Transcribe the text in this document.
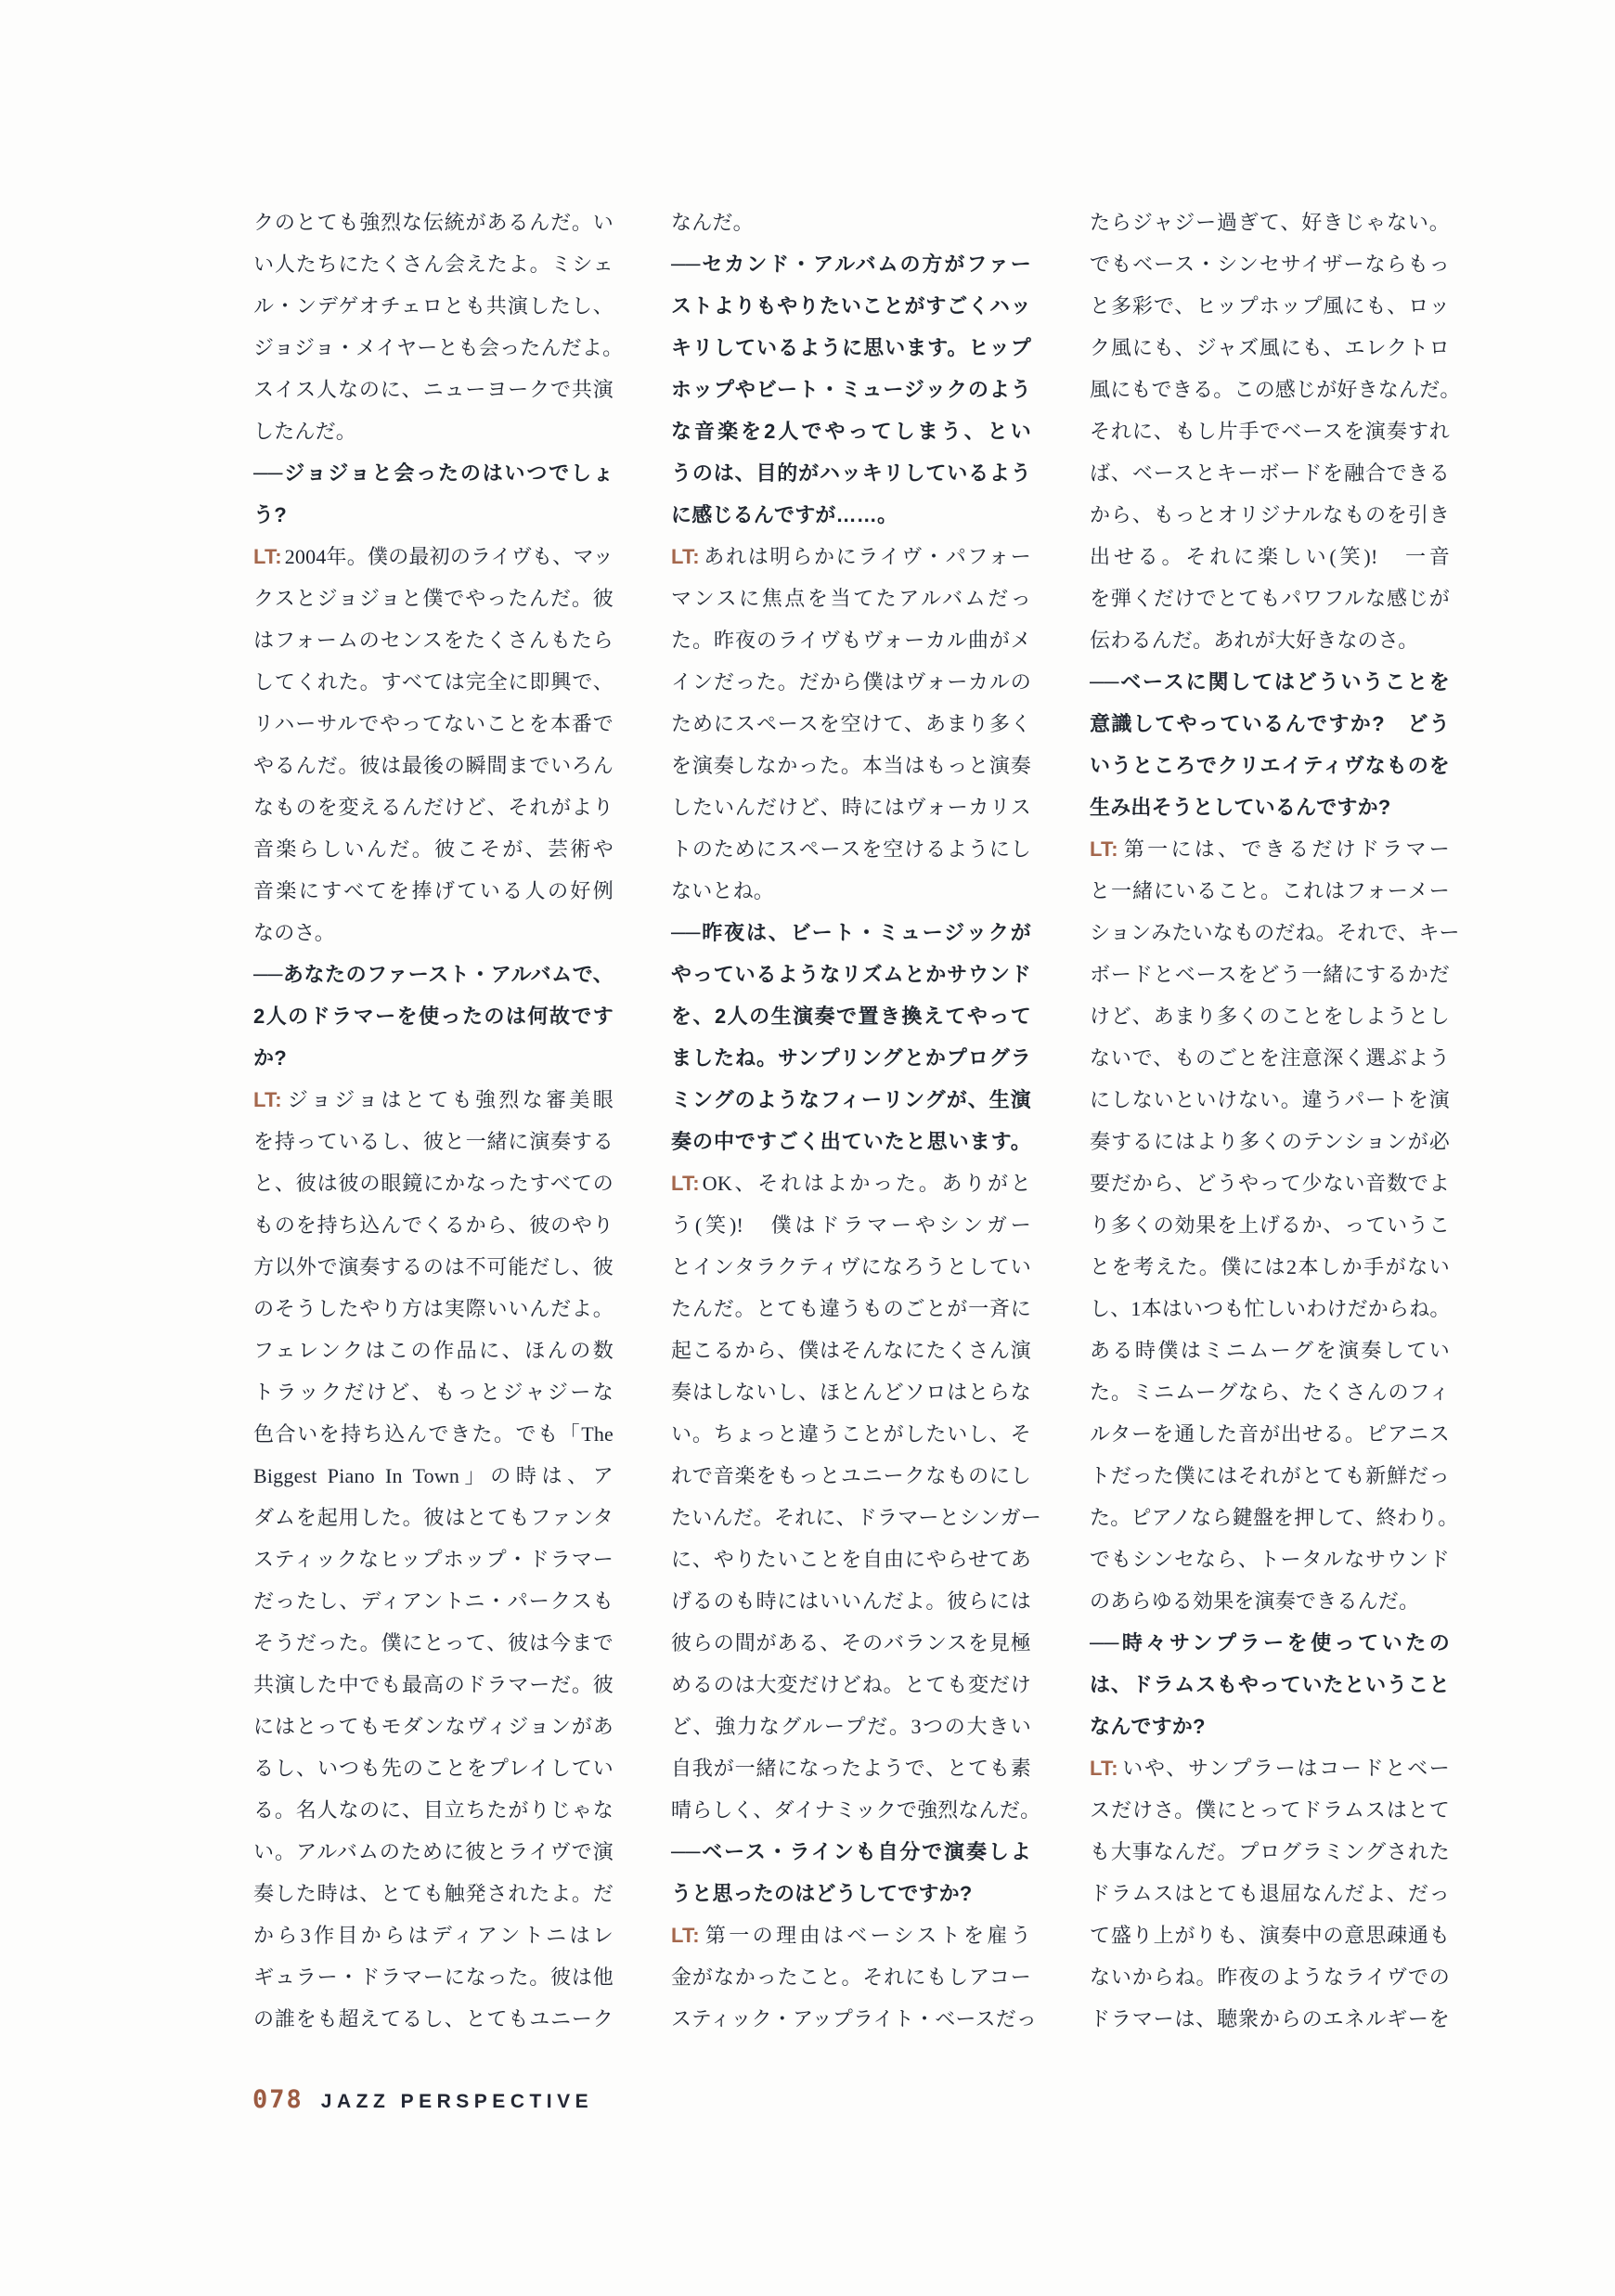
クのとても強烈な伝統があるんだ。い
い人たちにたくさん会えたよ。ミシェ
ル・ンデゲオチェロとも共演したし、
ジョジョ・メイヤーとも会ったんだよ。
スイス人なのに、ニューヨークで共演
したんだ。
──ジョジョと会ったのはいつでしょ
う?
LT: 2004年。僕の最初のライヴも、マッ
クスとジョジョと僕でやったんだ。彼
はフォームのセンスをたくさんもたら
してくれた。すべては完全に即興で、
リハーサルでやってないことを本番で
やるんだ。彼は最後の瞬間までいろん
なものを変えるんだけど、それがより
音楽らしいんだ。彼こそが、芸術や
音楽にすべてを捧げている人の好例
なのさ。
──あなたのファースト・アルバムで、
2人のドラマーを使ったのは何故です
か?
LT: ジョジョはとても強烈な審美眼
を持っているし、彼と一緒に演奏する
と、彼は彼の眼鏡にかなったすべての
ものを持ち込んでくるから、彼のやり
方以外で演奏するのは不可能だし、彼
のそうしたやり方は実際いいんだよ。
フェレンクはこの作品に、ほんの数
トラックだけど、もっとジャジーな
色合いを持ち込んできた。でも「The
Biggest Piano In Town」の時は、ア
ダムを起用した。彼はとてもファンタ
スティックなヒップホップ・ドラマー
だったし、ディアントニ・パークスも
そうだった。僕にとって、彼は今まで
共演した中でも最高のドラマーだ。彼
にはとってもモダンなヴィジョンがあ
るし、いつも先のことをプレイしてい
る。名人なのに、目立ちたがりじゃな
い。アルバムのために彼とライヴで演
奏した時は、とても触発されたよ。だ
から3作目からはディアントニはレ
ギュラー・ドラマーになった。彼は他
の誰をも超えてるし、とてもユニーク
なんだ。
──セカンド・アルバムの方がファー
ストよりもやりたいことがすごくハッ
キリしているように思います。ヒップ
ホップやビート・ミュージックのよう
な音楽を2人でやってしまう、とい
うのは、目的がハッキリしているよう
に感じるんですが……。
LT: あれは明らかにライヴ・パフォー
マンスに焦点を当てたアルバムだっ
た。昨夜のライヴもヴォーカル曲がメ
インだった。だから僕はヴォーカルの
ためにスペースを空けて、あまり多く
を演奏しなかった。本当はもっと演奏
したいんだけど、時にはヴォーカリス
トのためにスペースを空けるようにし
ないとね。
──昨夜は、ビート・ミュージックが
やっているようなリズムとかサウンド
を、2人の生演奏で置き換えてやって
ましたね。サンプリングとかプログラ
ミングのようなフィーリングが、生演
奏の中ですごく出ていたと思います。
LT: OK、それはよかった。ありがと
う(笑)!　僕はドラマーやシンガー
とインタラクティヴになろうとしてい
たんだ。とても違うものごとが一斉に
起こるから、僕はそんなにたくさん演
奏はしないし、ほとんどソロはとらな
い。ちょっと違うことがしたいし、そ
れで音楽をもっとユニークなものにし
たいんだ。それに、ドラマーとシンガー
に、やりたいことを自由にやらせてあ
げるのも時にはいいんだよ。彼らには
彼らの間がある、そのバランスを見極
めるのは大変だけどね。とても変だけ
ど、強力なグループだ。3つの大きい
自我が一緒になったようで、とても素
晴らしく、ダイナミックで強烈なんだ。
──ベース・ラインも自分で演奏しよ
うと思ったのはどうしてですか?
LT: 第一の理由はベーシストを雇う
金がなかったこと。それにもしアコー
スティック・アップライト・ベースだっ
たらジャジー過ぎて、好きじゃない。
でもベース・シンセサイザーならもっ
と多彩で、ヒップホップ風にも、ロッ
ク風にも、ジャズ風にも、エレクトロ
風にもできる。この感じが好きなんだ。
それに、もし片手でベースを演奏すれ
ば、ベースとキーボードを融合できる
から、もっとオリジナルなものを引き
出せる。それに楽しい(笑)!　一音
を弾くだけでとてもパワフルな感じが
伝わるんだ。あれが大好きなのさ。
──ベースに関してはどういうことを
意識してやっているんですか?　どう
いうところでクリエイティヴなものを
生み出そうとしているんですか?
LT: 第一には、できるだけドラマー
と一緒にいること。これはフォーメー
ションみたいなものだね。それで、キー
ボードとベースをどう一緒にするかだ
けど、あまり多くのことをしようとし
ないで、ものごとを注意深く選ぶよう
にしないといけない。違うパートを演
奏するにはより多くのテンションが必
要だから、どうやって少ない音数でよ
り多くの効果を上げるか、っていうこ
とを考えた。僕には2本しか手がない
し、1本はいつも忙しいわけだからね。
ある時僕はミニムーグを演奏してい
た。ミニムーグなら、たくさんのフィ
ルターを通した音が出せる。ピアニス
トだった僕にはそれがとても新鮮だっ
た。ピアノなら鍵盤を押して、終わり。
でもシンセなら、トータルなサウンド
のあらゆる効果を演奏できるんだ。
──時々サンプラーを使っていたの
は、ドラムスもやっていたということ
なんですか?
LT: いや、サンプラーはコードとベー
スだけさ。僕にとってドラムスはとて
も大事なんだ。プログラミングされた
ドラムスはとても退屈なんだよ、だっ
て盛り上がりも、演奏中の意思疎通も
ないからね。昨夜のようなライヴでの
ドラマーは、聴衆からのエネルギーを
078 JAZZ PERSPECTIVE
